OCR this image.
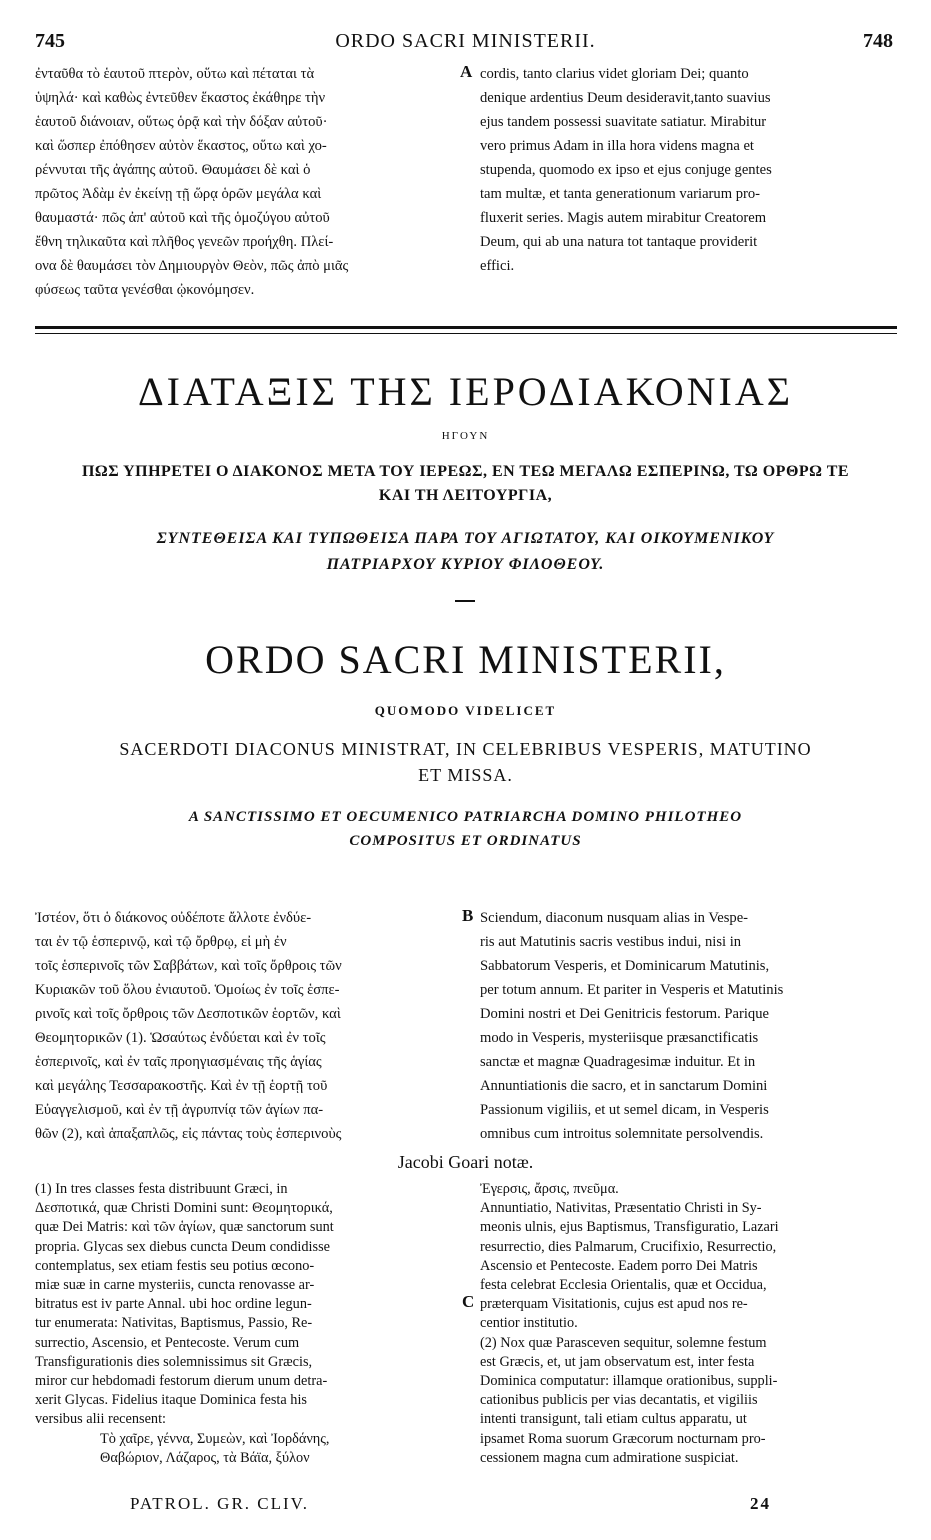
745	ORDO SACRI MINISTERII.	748
ἐνταῦθα τὸ ἑαυτοῦ πτερὸν, οὕτω καὶ πέταται τὰ
ὑψηλά· καὶ καθὼς ἐντεῦθεν ἕκαστος ἐκάθηρε τὴν
ἑαυτοῦ διάνοιαν, οὕτως ὁρᾷ καὶ τὴν δόξαν αὐτοῦ·
καὶ ὥσπερ ἐπόθησεν αὐτὸν ἕκαστος, οὕτω καὶ χο-
ρέννυται τῆς ἀγάπης αὐτοῦ. Θαυμάσει δὲ καὶ ὁ
πρῶτος Ἀδὰμ ἐν ἐκείνῃ τῇ ὥρᾳ ὁρῶν μεγάλα καὶ
θαυμαστά· πῶς ἀπ' αὐτοῦ καὶ τῆς ὁμοζύγου αὐτοῦ
ἔθνη τηλικαῦτα καὶ πλῆθος γενεῶν προήχθη. Πλεί-
ονα δὲ θαυμάσει τὸν Δημιουργὸν Θεὸν, πῶς ἀπὸ μιᾶς
φύσεως ταῦτα γενέσθαι ᾠκονόμησεν.
A cordis, tanto clarius videt gloriam Dei; quanto
denique ardentius Deum desideravit,tanto suavius
ejus tandem possessi suavitate satiatur. Mirabitur
vero primus Adam in illa hora videns magna et
stupenda, quomodo ex ipso et ejus conjuge gentes
tam multæ, et tanta generationum variarum pro-
fluxerit series. Magis autem mirabitur Creatorem
Deum, qui ab una natura tot tantaque providerit
effici.
ΔΙΑΤΑΞΙΣ ΤΗΣ ΙΕΡΟΔΙΑΚΟΝΙΑΣ
ΗΓΟΥΝ
ΠΩΣ ΥΠΗΡΕΤΕΙ Ο ΔΙΑΚΟΝΟΣ ΜΕΤΑ ΤΟΥ ΙΕΡΕΩΣ, ΕΝ ΤΕΩ ΜΕΓΑΛΩ ΕΣΠΕΡΙΝΩ, ΤΩ ΟΡΘΡΩ ΤΕ
ΚΑΙ ΤΗ ΛΕΙΤΟΥΡΓΙΑ,
ΣΥΝΤΕΘΕΙΣΑ ΚΑΙ ΤΥΠΩΘΕΙΣΑ ΠΑΡΑ ΤΟΥ ΑΓΙΩΤΑΤΟΥ, ΚΑΙ ΟΙΚΟΥΜΕΝΙΚΟΥ
ΠΑΤΡΙΑΡΧΟΥ ΚΥΡΙΟΥ ΦΙΛΟΘΕΟΥ.
ORDO SACRI MINISTERII,
QUOMODO VIDELICET
SACERDOTI DIACONUS MINISTRAT, IN CELEBRIBUS VESPERIS, MATUTINO
ET MISSA.
A SANCTISSIMO ET OECUMENICO PATRIARCHA DOMINO PHILOTHEO
COMPOSITUS ET ORDINATUS
Ἰστέον, ὅτι ὁ διάκονος οὐδέποτε ἄλλοτε ἐνδύε-
ται ἐν τῷ ἑσπερινῷ, καὶ τῷ ὄρθρῳ, εἰ μὴ ἐν
τοῖς ἑσπερινοῖς τῶν Σαββάτων, καὶ τοῖς ὄρθροις τῶν
Κυριακῶν τοῦ ὅλου ἐνιαυτοῦ. Ὁμοίως ἐν τοῖς ἑσπε-
ρινοῖς καὶ τοῖς ὄρθροις τῶν Δεσποτικῶν ἑορτῶν, καὶ
Θεομητορικῶν (1). Ὡσαύτως ἐνδύεται καὶ ἐν τοῖς
ἑσπερινοῖς, καὶ ἐν ταῖς προηγιασμέναις τῆς ἁγίας
καὶ μεγάλης Τεσσαρακοστῆς. Καὶ ἐν τῇ ἑορτῇ τοῦ
Εὐαγγελισμοῦ, καὶ ἐν τῇ ἀγρυπνίᾳ τῶν ἁγίων πα-
θῶν (2), καὶ ἁπαξαπλῶς, εἰς πάντας τοὺς ἑσπερινοὺς
B Sciendum, diaconum nusquam alias in Vespe-
ris aut Matutinis sacris vestibus indui, nisi in
Sabbatorum Vesperis, et Dominicarum Matutinis,
per totum annum. Et pariter in Vesperis et Matutinis
Domini nostri et Dei Genitricis festorum. Parique
modo in Vesperis, mysteriisque præsanctificatis
sanctæ et magnæ Quadragesimæ induitur. Et in
Annuntiationis die sacro, et in sanctarum Domini
Passionum vigiliis, et ut semel dicam, in Vesperis
omnibus cum introitus solemnitate persolvendis.
Jacobi Goari notæ.
(1) In tres classes festa distribuunt Græci, in
Δεσποτικά, quæ Christi Domini sunt: Θεομητορικά,
quæ Dei Matris: καὶ τῶν ἁγίων, quæ sanctorum sunt
propria. Glycas sex diebus cuncta Deum condidisse
contemplatus, sex etiam festis seu potius œcono-
miæ suæ in carne mysteriis, cuncta renovasse ar-
bitratus est iv parte Annal. ubi hoc ordine legun-
tur enumerata: Nativitas, Baptismus, Passio, Re-
surrectio, Ascensio, et Pentecoste. Verum cum
Transfigurationis dies solemnissimus sit Græcis,
miror cur hebdomadi festorum dierum unum detra-
xerit Glycas. Fidelius itaque Dominica festa his
versibus alii recensent:
Τὸ χαῖρε, γέννα, Συμεὼν, καὶ Ἰορδάνης,
Θαβώριον, Λάζαρος, τὰ Βάϊα, ξύλον
C
Ἐγερσις, ἄρσις, πνεῦμα.
Annuntiatio, Nativitas, Præsentatio Christi in Sy-
meonis ulnis, ejus Baptismus, Transfiguratio, Lazari
resurrectio, dies Palmarum, Crucifixio, Resurrectio,
Ascensio et Pentecoste. Eadem porro Dei Matris
festa celebrat Ecclesia Orientalis, quæ et Occidua,
præterquam Visitationis, cujus est apud nos re-
centior institutio.
(2) Nox quæ Parasceven sequitur, solemne festum
est Græcis, et, ut jam observatum est, inter festa
Dominica computatur: illamque orationibus, suppli-
cationibus publicis per vias decantatis, et vigiliis
intenti transigunt, tali etiam cultus apparatu, ut
ipsamet Roma suorum Græcorum nocturnam pro-
cessionem magna cum admiratione suspiciat.
PATROL. GR. CLIV.	24
